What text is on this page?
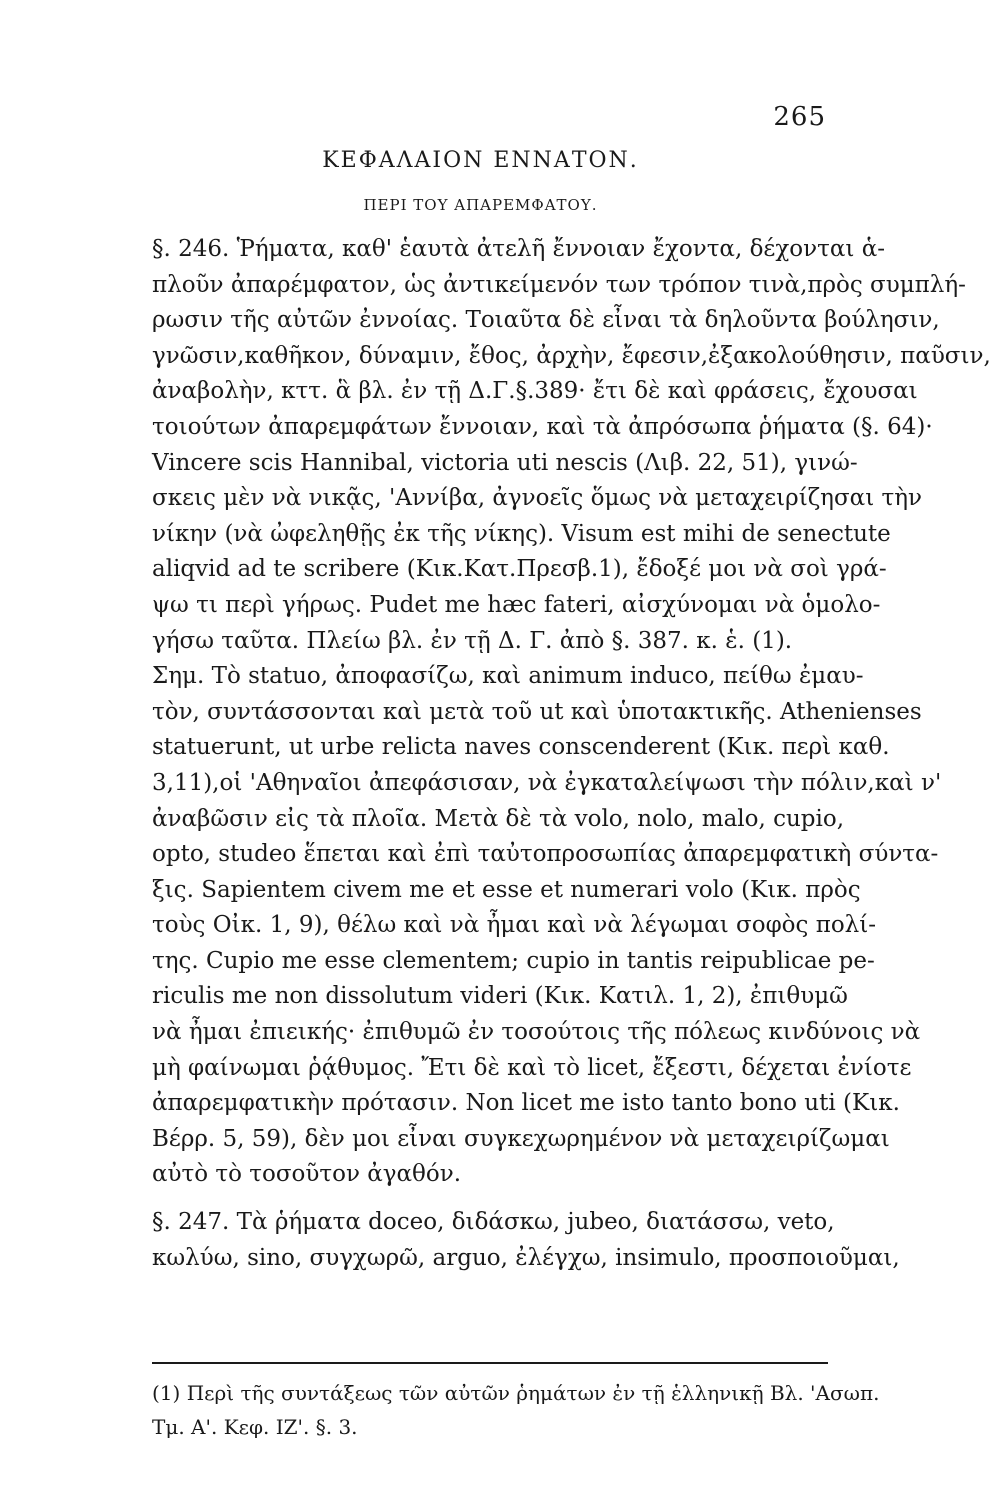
265
ΚΕΦΑΛΑΙΟΝ ΕΝΝΑΤΟΝ.
ΠΕΡΙ ΤΟΥ ΑΠΑΡΕΜΦΑΤΟΥ.
§. 246. Ῥήματα, καθ' ἑαυτὰ ἀτελῆ ἔννοιαν ἔχοντα, δέχονται ἁ-
πλοῦν ἀπαρέμφατον, ὡς ἀντικείμενόν των τρόπον τινὰ,πρὸς συμπλή-
ρωσιν τῆς αὐτῶν ἐννοίας. Τοιαῦτα δὲ εἶναι τὰ δηλοῦντα βούλησιν,
γνῶσιν,καθῆκον, δύναμιν, ἔθος, ἀρχὴν, ἔφεσιν,ἐξακολούθησιν, παῦσιν,
ἀναβολὴν, κττ. ἃ βλ. ἐν τῇ Δ.Γ.§.389· ἔτι δὲ καὶ φράσεις, ἔχουσαι
τοιούτων ἀπαρεμφάτων ἔννοιαν, καὶ τὰ ἀπρόσωπα ῥήματα (§. 64)·
Vincere scis Hannibal, victoria uti nescis (Λιβ. 22, 51), γινώ-
σκεις μὲν νὰ νικᾷς, 'Αννίβα, ἀγνοεῖς ὅμως νὰ μεταχειρίζησαι τὴν
νίκην (νὰ ὠφεληθῇς ἐκ τῆς νίκης). Visum est mihi de senectute
aliqvid ad te scribere (Κικ.Κατ.Πρεσβ.1), ἔδοξέ μοι νὰ σοὶ γρά-
ψω τι περὶ γήρως. Pudet me hæc fateri, αἰσχύνομαι νὰ ὁμολο-
γήσω ταῦτα. Πλείω βλ. ἐν τῇ Δ. Γ. ἀπὸ §. 387. κ. ἑ. (1).
Σημ. Τὸ statuo, ἀποφασίζω, καὶ animum induco, πείθω ἐμαυ-
τὸν, συντάσσονται καὶ μετὰ τοῦ ut καὶ ὑποτακτικῆς. Athenienses
statuerunt, ut urbe relicta naves conscenderent (Κικ. περὶ καθ.
3,11),οἱ 'Αθηναῖοι ἀπεφάσισαν, νὰ ἐγκαταλείψωσι τὴν πόλιν,καὶ ν'
ἀναβῶσιν εἰς τὰ πλοῖα. Μετὰ δὲ τὰ volo, nolo, malo, cupio,
opto, studeo ἕπεται καὶ ἐπὶ ταὐτοπροσωπίας ἀπαρεμφατικὴ σύντα-
ξις. Sapientem civem me et esse et numerari volo (Κικ. πρὸς
τοὺς Οἰκ. 1, 9), θέλω καὶ νὰ ἦμαι καὶ νὰ λέγωμαι σοφὸς πολί-
της. Cupio me esse clementem; cupio in tantis reipublicae pe-
riculis me non dissolutum videri (Κικ. Κατιλ. 1, 2), ἐπιθυμῶ
νὰ ἦμαι ἐπιεικής· ἐπιθυμῶ ἐν τοσούτοις τῆς πόλεως κινδύνοις νὰ
μὴ φαίνωμαι ῥᾴθυμος. Ἔτι δὲ καὶ τὸ licet, ἔξεστι, δέχεται ἐνίοτε
ἀπαρεμφατικὴν πρότασιν. Non licet me isto tanto bono uti (Κικ.
Βέρρ. 5, 59), δὲν μοι εἶναι συγκεχωρημένον νὰ μεταχειρίζωμαι
αὐτὸ τὸ τοσοῦτον ἀγαθόν.
§. 247. Τὰ ῥήματα doceo, διδάσκω, jubeo, διατάσσω, veto,
κωλύω, sino, συγχωρῶ, arguo, ἐλέγχω, insimulo, προσποιοῦμαι,
(1) Περὶ τῆς συντάξεως τῶν αὐτῶν ῥημάτων ἐν τῇ ἑλληνικῇ Βλ. 'Ασωπ.
Τμ. Α'. Κεφ. ΙΖ'. §. 3.
